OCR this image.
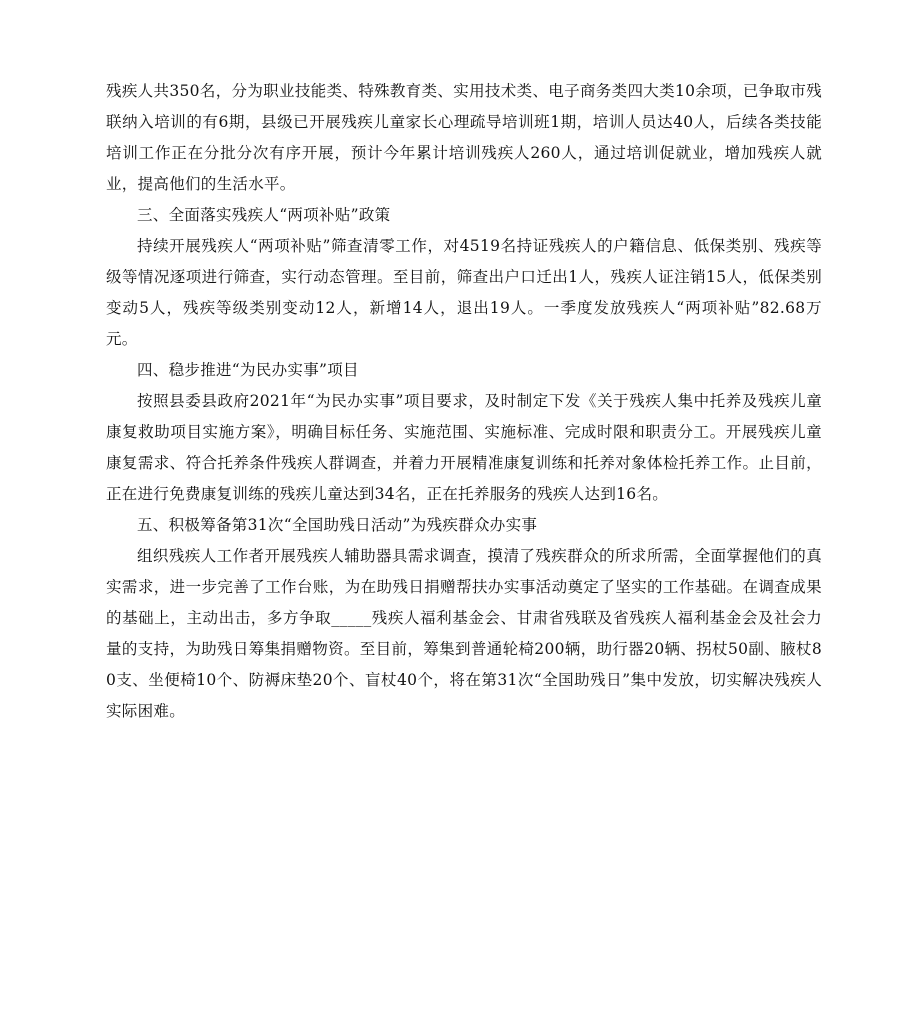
残疾人共350名，分为职业技能类、特殊教育类、实用技术类、电子商务类四大类10余项，已争取市残联纳入培训的有6期，县级已开展残疾儿童家长心理疏导培训班1期，培训人员达40人，后续各类技能培训工作正在分批分次有序开展，预计今年累计培训残疾人260人，通过培训促就业，增加残疾人就业，提高他们的生活水平。

三、全面落实残疾人“两项补贴”政策

持续开展残疾人“两项补贴”筛查清零工作，对4519名持证残疾人的户籍信息、低保类别、残疾等级等情况逐项进行筛查，实行动态管理。至目前，筛查出户口迁出1人，残疾人证注销15人，低保类别变动5人，残疾等级类别变动12人，新增14人，退出19人。一季度发放残疾人“两项补贴”82.68万元。

四、稳步推进“为民办实事”项目

按照县委县政府2021年“为民办实事”项目要求，及时制定下发《关于残疾人集中托养及残疾儿童康复救助项目实施方案》，明确目标任务、实施范围、实施标准、完成时限和职责分工。开展残疾儿童康复需求、符合托养条件残疾人群调查，并着力开展精准康复训练和托养对象体检托养工作。止目前，正在进行免费康复训练的残疾儿童达到34名，正在托养服务的残疾人达到16名。

五、积极筹备第31次“全国助残日活动”为残疾群众办实事

组织残疾人工作者开展残疾人辅助器具需求调查，摸清了残疾群众的所求所需，全面掌握他们的真实需求，进一步完善了工作台账，为在助残日捐赠帮扶办实事活动奠定了坚实的工作基础。在调查成果的基础上，主动出击，多方争取_____残疾人福利基金会、甘肃省残联及省残疾人福利基金会及社会力量的支持，为助残日筹集捐赠物资。至目前，筹集到普通轮椅200辆，助行器20辆、拐杖50副、腋杖80支、坐便椅10个、防褥床垫20个、盲杖40个，将在第31次“全国助残日”集中发放，切实解决残疾人实际困难。
